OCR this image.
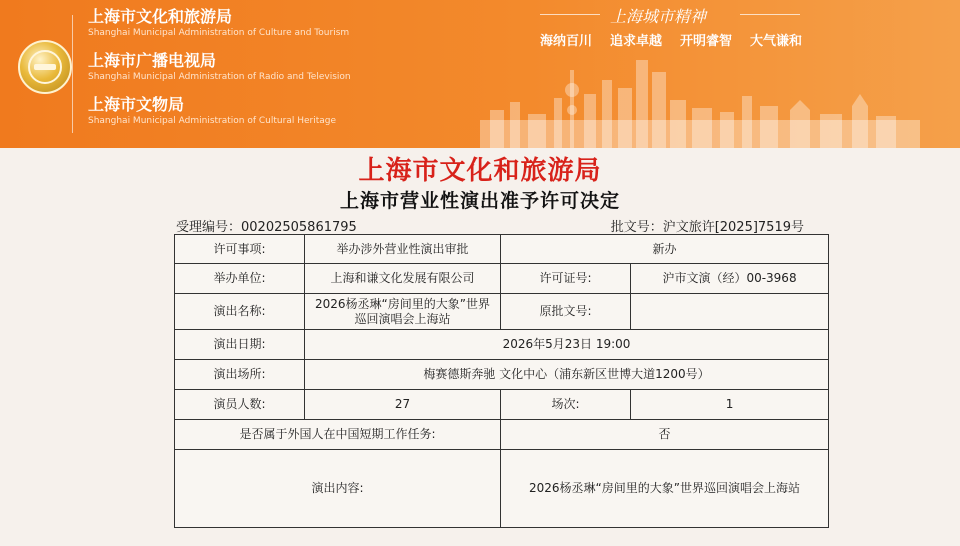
上海市文化和旅游局
Shanghai Municipal Administration of Culture and Tourism
上海市广播电视局
Shanghai Municipal Administration of Radio and Television
上海市文物局
Shanghai Municipal Administration of Cultural Heritage
上海城市精神
海纳百川 追求卓越 开明睿智 大气谦和
上海市文化和旅游局
上海市营业性演出准予许可决定
受理编号：00202505861795	批文号：沪文旅许[2025]7519号
许可事项:	举办涉外营业性演出审批	新办	
举办单位:	上海和谦文化发展有限公司	许可证号:	沪市文演（经）00-3968
演出名称:	2026杨丞琳“房间里的大象”世界巡回演唱会上海站	原批文号:	
演出日期:	2026年5月23日 19:00		
演出场所:	梅赛德斯奔驰 文化中心（浦东新区世博大道1200号）		
演员人数:	27	场次:	1
是否属于外国人在中国短期工作任务:		否	
演出内容:		2026杨丞琳“房间里的大象”世界巡回演唱会上海站	
